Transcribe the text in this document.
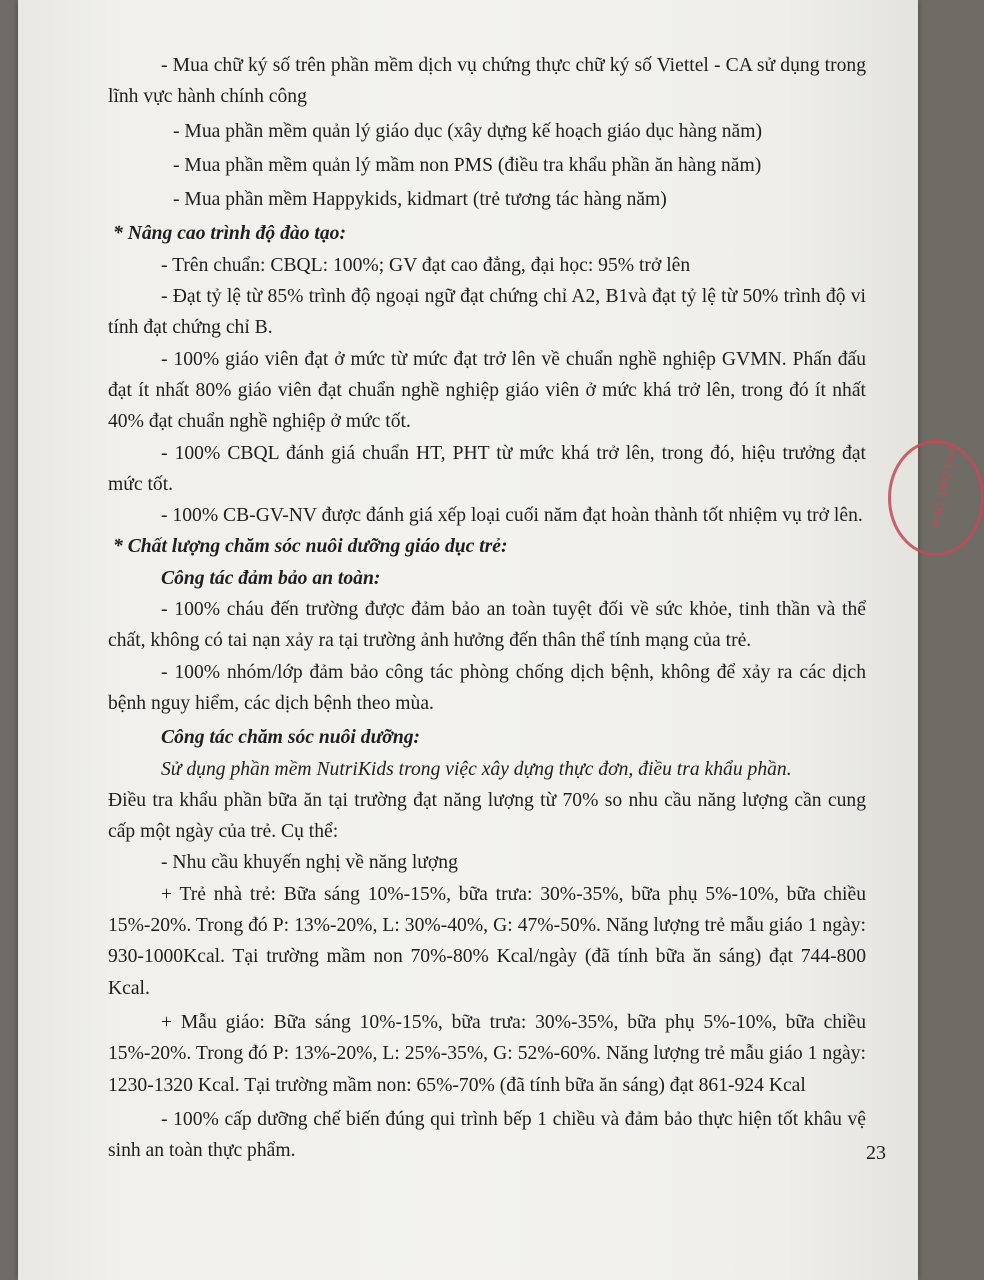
- Mua chữ ký số trên phần mềm dịch vụ chứng thực chữ ký số Viettel - CA sử dụng trong lĩnh vực hành chính công

- Mua phần mềm quản lý giáo dục (xây dựng kế hoạch giáo dục hàng năm)

- Mua phần mềm quản lý mầm non PMS (điều tra khẩu phần ăn hàng năm)

- Mua phần mềm Happykids, kidmart (trẻ tương tác hàng năm)

* Nâng cao trình độ đào tạo:

- Trên chuẩn: CBQL: 100%; GV đạt cao đẳng, đại học: 95% trở lên

- Đạt tỷ lệ từ 85% trình độ ngoại ngữ đạt chứng chỉ A2, B1và đạt tỷ lệ từ 50% trình độ vi tính đạt chứng chỉ B.

- 100% giáo viên đạt ở mức từ mức đạt trở lên về chuẩn nghề nghiệp GVMN. Phấn đấu đạt ít nhất 80% giáo viên đạt chuẩn nghề nghiệp giáo viên ở mức khá trở lên, trong đó ít nhất 40% đạt chuẩn nghề nghiệp ở mức tốt.

- 100% CBQL đánh giá chuẩn HT, PHT từ mức khá trở lên, trong đó, hiệu trưởng đạt mức tốt.

- 100% CB-GV-NV được đánh giá xếp loại cuối năm đạt hoàn thành tốt nhiệm vụ trở lên.

* Chất lượng chăm sóc nuôi dưỡng giáo dục trẻ:

Công tác đảm bảo an toàn:

- 100% cháu đến trường được đảm bảo an toàn tuyệt đối về sức khỏe, tinh thần và thể chất, không có tai nạn xảy ra tại trường ảnh hưởng đến thân thể tính mạng của trẻ.

- 100% nhóm/lớp đảm bảo công tác phòng chống dịch bệnh, không để xảy ra các dịch bệnh nguy hiểm, các dịch bệnh theo mùa.

Công tác chăm sóc nuôi dưỡng:

Sử dụng phần mềm NutriKids trong việc xây dựng thực đơn, điều tra khẩu phần.

Điều tra khẩu phần bữa ăn tại trường đạt năng lượng từ 70% so nhu cầu năng lượng cần cung cấp một ngày của trẻ. Cụ thể:

- Nhu cầu khuyến nghị về năng lượng

+ Trẻ nhà trẻ: Bữa sáng 10%-15%, bữa trưa: 30%-35%, bữa phụ 5%-10%, bữa chiều 15%-20%. Trong đó P: 13%-20%, L: 30%-40%, G: 47%-50%. Năng lượng trẻ mẫu giáo 1 ngày: 930-1000Kcal. Tại trường mầm non 70%-80% Kcal/ngày (đã tính bữa ăn sáng) đạt 744-800 Kcal.

+ Mẫu giáo: Bữa sáng 10%-15%, bữa trưa: 30%-35%, bữa phụ 5%-10%, bữa chiều 15%-20%. Trong đó P: 13%-20%, L: 25%-35%, G: 52%-60%. Năng lượng trẻ mẫu giáo 1 ngày: 1230-1320 Kcal. Tại trường mầm non: 65%-70% (đã tính bữa ăn sáng) đạt 861-924 Kcal

- 100% cấp dưỡng chế biến đúng qui trình bếp 1 chiều và đảm bảo thực hiện tốt khâu vệ sinh an toàn thực phẩm.	23
ĐÀO GIÁO DỤC
